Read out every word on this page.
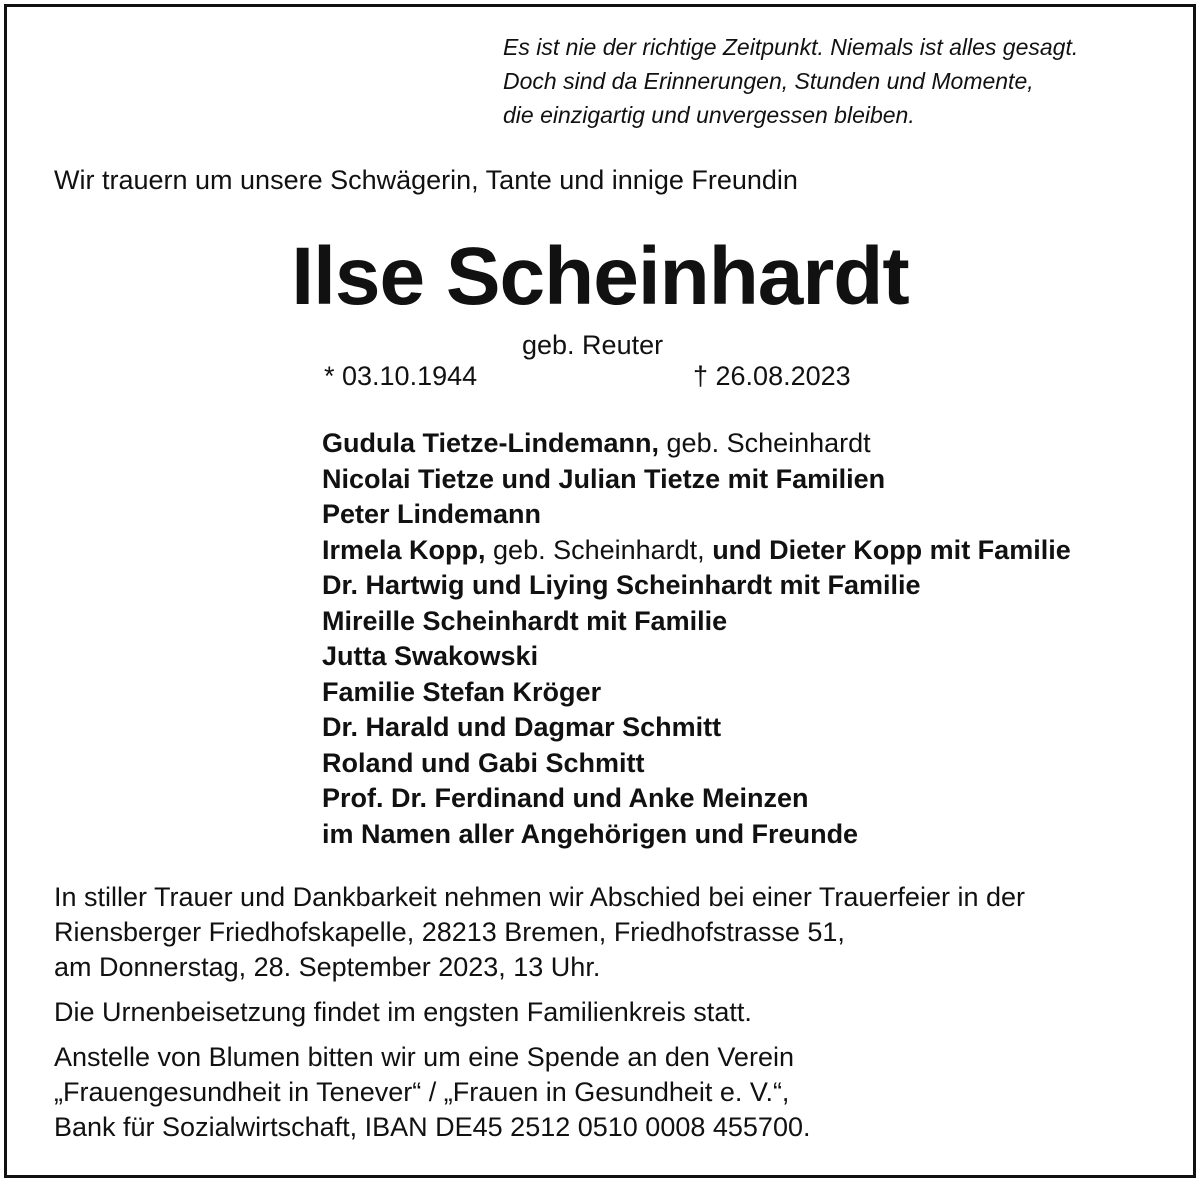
Es ist nie der richtige Zeitpunkt. Niemals ist alles gesagt.
Doch sind da Erinnerungen, Stunden und Momente,
die einzigartig und unvergessen bleiben.
Wir trauern um unsere Schwägerin, Tante und innige Freundin
Ilse Scheinhardt
geb. Reuter
* 03.10.1944	† 26.08.2023
Gudula Tietze-Lindemann, geb. Scheinhardt
Nicolai Tietze und Julian Tietze mit Familien
Peter Lindemann
Irmela Kopp, geb. Scheinhardt, und Dieter Kopp mit Familie
Dr. Hartwig und Liying Scheinhardt mit Familie
Mireille Scheinhardt mit Familie
Jutta Swakowski
Familie Stefan Kröger
Dr. Harald und Dagmar Schmitt
Roland und Gabi Schmitt
Prof. Dr. Ferdinand und Anke Meinzen
im Namen aller Angehörigen und Freunde
In stiller Trauer und Dankbarkeit nehmen wir Abschied bei einer Trauerfeier in der
Riensberger Friedhofskapelle, 28213 Bremen, Friedhofstrasse 51,
am Donnerstag, 28. September 2023, 13 Uhr.
Die Urnenbeisetzung findet im engsten Familienkreis statt.
Anstelle von Blumen bitten wir um eine Spende an den Verein
„Frauengesundheit in Tenever“ / „Frauen in Gesundheit e. V.“,
Bank für Sozialwirtschaft, IBAN DE45 2512 0510 0008 455700.
